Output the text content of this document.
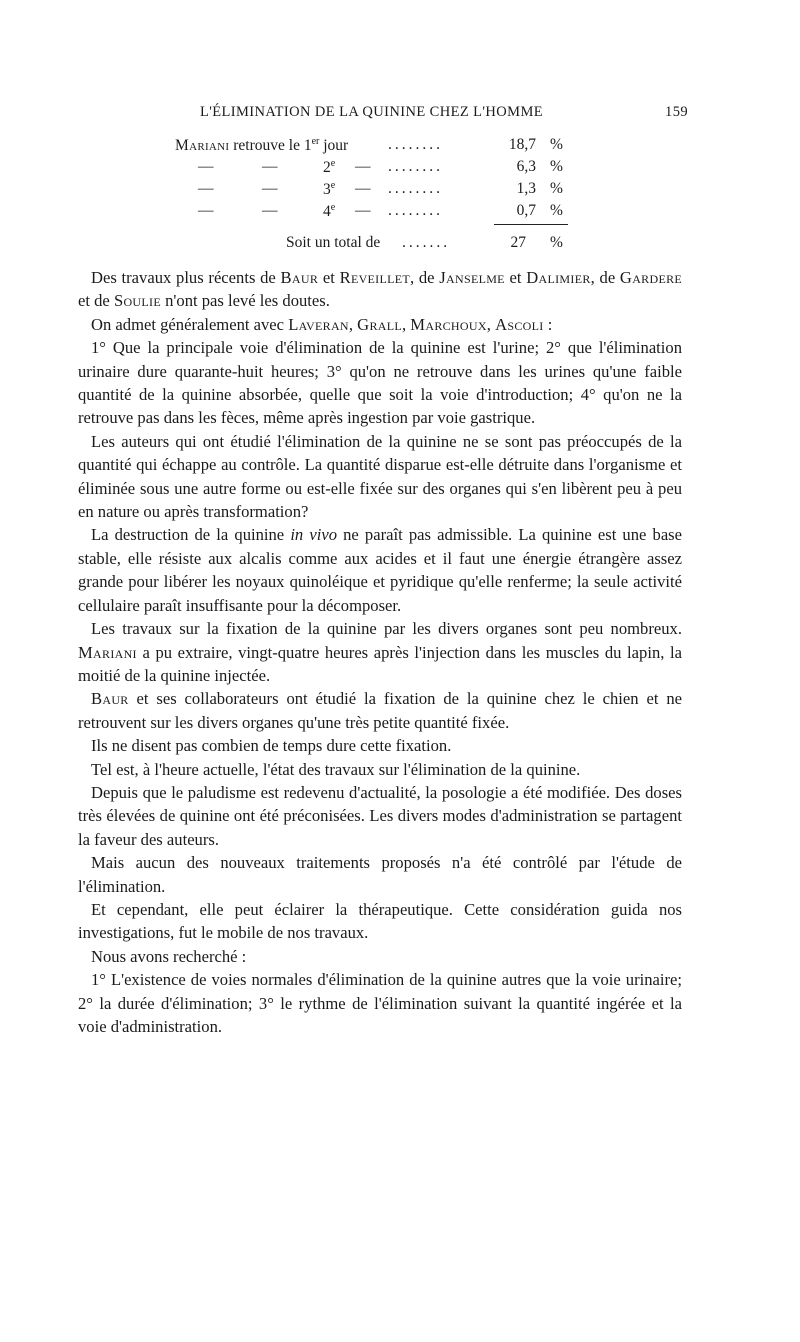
L'ÉLIMINATION DE LA QUININE CHEZ L'HOMME	159
Mariani retrouve le 1er jour	........	18,7 %
—	—	2e — ........	6,3 %
—	—	3e — ........	1,3 %
—	—	4e — ........	0,7 %
Soit un total de .......	27 %

Des travaux plus récents de Baur et Reveillet, de Janselme et Dalimier, de Gardere et de Soulie n'ont pas levé les doutes.

On admet généralement avec Laveran, Grall, Marchoux, Ascoli :

1° Que la principale voie d'élimination de la quinine est l'urine; 2° que l'élimination urinaire dure quarante-huit heures; 3° qu'on ne retrouve dans les urines qu'une faible quantité de la quinine absorbée, quelle que soit la voie d'introduction; 4° qu'on ne la retrouve pas dans les fèces, même après ingestion par voie gastrique.

Les auteurs qui ont étudié l'élimination de la quinine ne se sont pas préoccupés de la quantité qui échappe au contrôle. La quantité disparue est-elle détruite dans l'organisme et éliminée sous une autre forme ou est-elle fixée sur des organes qui s'en libèrent peu à peu en nature ou après transformation?

La destruction de la quinine in vivo ne paraît pas admissible. La quinine est une base stable, elle résiste aux alcalis comme aux acides et il faut une énergie étrangère assez grande pour libérer les noyaux quinoléique et pyridique qu'elle renferme; la seule activité cellulaire paraît insuffisante pour la décomposer.

Les travaux sur la fixation de la quinine par les divers organes sont peu nombreux. Mariani a pu extraire, vingt-quatre heures après l'injection dans les muscles du lapin, la moitié de la quinine injectée.

Baur et ses collaborateurs ont étudié la fixation de la quinine chez le chien et ne retrouvent sur les divers organes qu'une très petite quantité fixée.

Ils ne disent pas combien de temps dure cette fixation.

Tel est, à l'heure actuelle, l'état des travaux sur l'élimination de la quinine.

Depuis que le paludisme est redevenu d'actualité, la posologie a été modifiée. Des doses très élevées de quinine ont été préconisées. Les divers modes d'administration se partagent la faveur des auteurs.

Mais aucun des nouveaux traitements proposés n'a été contrôlé par l'étude de l'élimination.

Et cependant, elle peut éclairer la thérapeutique. Cette considération guida nos investigations, fut le mobile de nos travaux.

Nous avons recherché :

1° L'existence de voies normales d'élimination de la quinine autres que la voie urinaire; 2° la durée d'élimination; 3° le rythme de l'élimination suivant la quantité ingérée et la voie d'administration.
